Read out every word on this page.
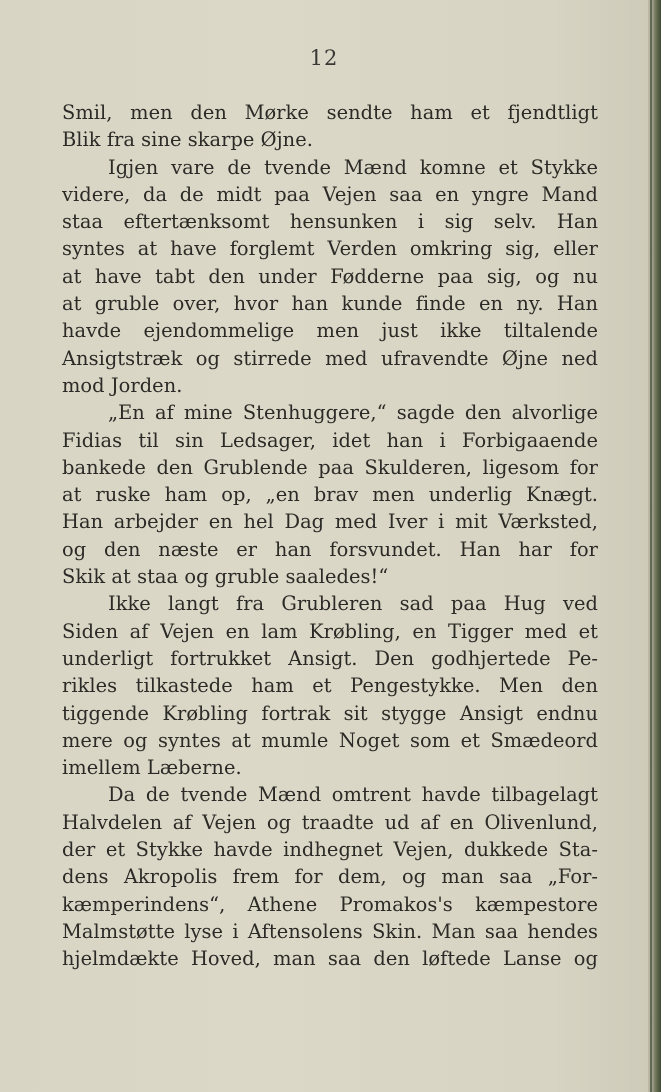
12
Smil, men den Mørke sendte ham et fjendtligt
Blik fra sine skarpe Øjne.
Igjen vare de tvende Mænd komne et Stykke
videre, da de midt paa Vejen saa en yngre Mand
staa eftertænksomt hensunken i sig selv. Han
syntes at have forglemt Verden omkring sig, eller
at have tabt den under Fødderne paa sig, og nu
at gruble over, hvor han kunde finde en ny. Han
havde ejendommelige men just ikke tiltalende
Ansigtstræk og stirrede med ufravendte Øjne ned
mod Jorden.
„En af mine Stenhuggere,“ sagde den alvorlige
Fidias til sin Ledsager, idet han i Forbigaaende
bankede den Grublende paa Skulderen, ligesom for
at ruske ham op, „en brav men underlig Knægt.
Han arbejder en hel Dag med Iver i mit Værksted,
og den næste er han forsvundet. Han har for
Skik at staa og gruble saaledes!“
Ikke langt fra Grubleren sad paa Hug ved
Siden af Vejen en lam Krøbling, en Tigger med et
underligt fortrukket Ansigt. Den godhjertede Pe-
rikles tilkastede ham et Pengestykke. Men den
tiggende Krøbling fortrak sit stygge Ansigt endnu
mere og syntes at mumle Noget som et Smædeord
imellem Læberne.
Da de tvende Mænd omtrent havde tilbagelagt
Halvdelen af Vejen og traadte ud af en Olivenlund,
der et Stykke havde indhegnet Vejen, dukkede Sta-
dens Akropolis frem for dem, og man saa „For-
kæmperindens“, Athene Promakos's kæmpestore
Malmstøtte lyse i Aftensolens Skin. Man saa hendes
hjelmdækte Hoved, man saa den løftede Lanse og
